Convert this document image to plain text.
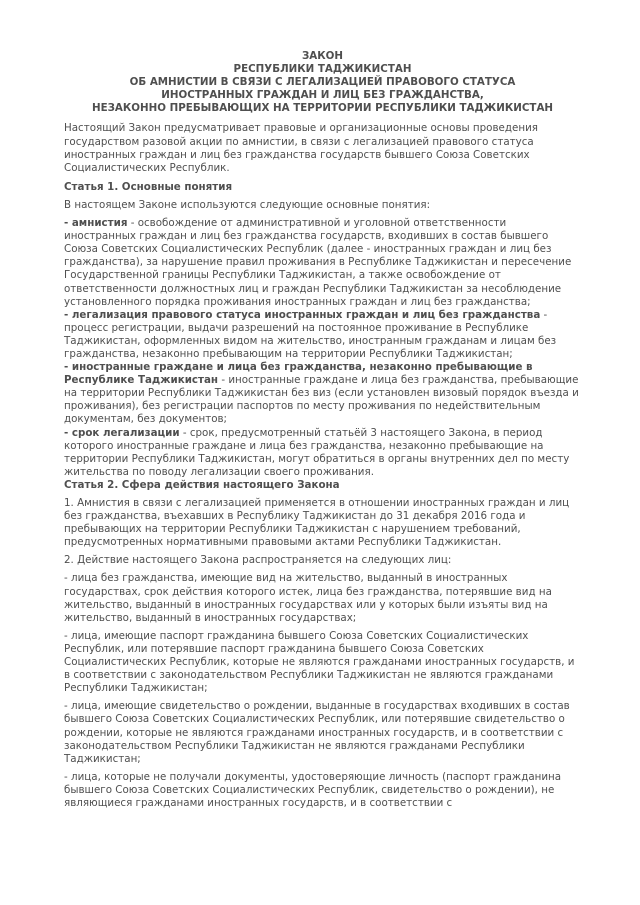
ЗАКОН
РЕСПУБЛИКИ ТАДЖИКИСТАН
ОБ АМНИСТИИ В СВЯЗИ С ЛЕГАЛИЗАЦИЕЙ ПРАВОВОГО СТАТУСА
ИНОСТРАННЫХ ГРАЖДАН И ЛИЦ БЕЗ ГРАЖДАНСТВА,
НЕЗАКОННО ПРЕБЫВАЮЩИХ НА ТЕРРИТОРИИ РЕСПУБЛИКИ ТАДЖИКИСТАН

Настоящий Закон предусматривает правовые и организационные основы проведения государством разовой акции по амнистии, в связи с легализацией правового статуса иностранных граждан и лиц без гражданства государств бывшего Союза Советских Социалистических Республик.

Статья 1. Основные понятия

В настоящем Законе используются следующие основные понятия:

- амнистия - освобождение от административной и уголовной ответственности иностранных граждан и лиц без гражданства государств, входивших в состав бывшего Союза Советских Социалистических Республик (далее - иностранных граждан и лиц без гражданства), за нарушение правил проживания в Республике Таджикистан и пересечение Государственной границы Республики Таджикистан, а также освобождение от ответственности должностных лиц и граждан Республики Таджикистан за несоблюдение установленного порядка проживания иностранных граждан и лиц без гражданства;

- легализация правового статуса иностранных граждан и лиц без гражданства - процесс регистрации, выдачи разрешений на постоянное проживание в Республике Таджикистан, оформленных видом на жительство, иностранным гражданам и лицам без гражданства, незаконно пребывающим на территории Республики Таджикистан;

- иностранные граждане и лица без гражданства, незаконно пребывающие в Республике Таджикистан - иностранные граждане и лица без гражданства, пребывающие на территории Республики Таджикистан без виз (если установлен визовый порядок въезда и проживания), без регистрации паспортов по месту проживания по недействительным документам, без документов;

- срок легализации - срок, предусмотренный статьёй 3 настоящего Закона, в период которого иностранные граждане и лица без гражданства, незаконно пребывающие на территории Республики Таджикистан, могут обратиться в органы внутренних дел по месту жительства по поводу легализации своего проживания.

Статья 2. Сфера действия настоящего Закона

1. Амнистия в связи с легализацией применяется в отношении иностранных граждан и лиц без гражданства, въехавших в Республику Таджикистан до 31 декабря 2016 года и пребывающих на территории Республики Таджикистан с нарушением требований, предусмотренных нормативными правовыми актами Республики Таджикистан.

2. Действие настоящего Закона распространяется на следующих лиц:

- лица без гражданства, имеющие вид на жительство, выданный в иностранных государствах, срок действия которого истек, лица без гражданства, потерявшие вид на жительство, выданный в иностранных государствах или у которых были изъяты вид на жительство, выданный в иностранных государствах;

- лица, имеющие паспорт гражданина бывшего Союза Советских Социалистических Республик, или потерявшие паспорт гражданина бывшего Союза Советских Социалистических Республик, которые не являются гражданами иностранных государств, и в соответствии с законодательством Республики Таджикистан не являются гражданами Республики Таджикистан;

- лица, имеющие свидетельство о рождении, выданные в государствах входивших в состав бывшего Союза Советских Социалистических Республик, или потерявшие свидетельство о рождении, которые не являются гражданами иностранных государств, и в соответствии с законодательством Республики Таджикистан не являются гражданами Республики Таджикистан;

- лица, которые не получали документы, удостоверяющие личность (паспорт гражданина бывшего Союза Советских Социалистических Республик, свидетельство о рождении), не являющиеся гражданами иностранных государств, и в соответствии с
